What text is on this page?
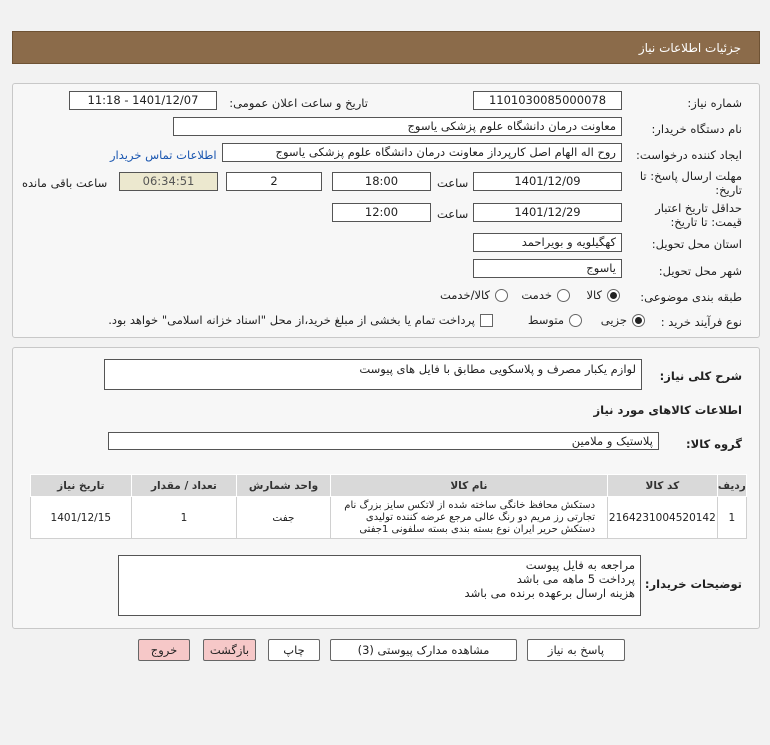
جزئیات اطلاعات نیاز
شماره نیاز:
1101030085000078
تاریخ و ساعت اعلان عمومی:
1401/12/07 - 11:18
نام دستگاه خریدار:
معاونت درمان دانشگاه علوم پزشکی یاسوج
ایجاد کننده درخواست:
روح اله الهام اصل کارپرداز معاونت درمان دانشگاه علوم پزشکی یاسوج
اطلاعات تماس خریدار
مهلت ارسال پاسخ: تا
تاریخ:
1401/12/09
ساعت
18:00
2
06:34:51
ساعت باقی مانده
حداقل تاریخ اعتبار
قیمت: تا تاریخ:
1401/12/29
ساعت
12:00
استان محل تحویل:
کهگیلویه و بویراحمد
شهر محل تحویل:
یاسوج
طبقه بندی موضوعی:
کالا
خدمت
کالا/خدمت
نوع فرآیند خرید :
جزیی
متوسط
پرداخت تمام یا بخشی از مبلغ خرید،از محل "اسناد خزانه اسلامی" خواهد بود.
شرح کلی نیاز:
لوازم یکبار مصرف و پلاسکویی مطابق با فایل های پیوست
اطلاعات کالاهای مورد نیاز
گروه کالا:
پلاستیک و ملامین
ردیف	کد کالا	نام کالا	واحد شمارش	تعداد / مقدار	تاریخ نیاز
1	2164231004520142	دستکش محافظ خانگی ساخته شده از لاتکس سایز بزرگ نام
تجارتی رز مریم دو رنگ عالی مرجع عرضه کننده تولیدی
دستکش حریر ایران نوع بسته بندی بسته سلفونی 1جفتی	جفت	1	1401/12/15
توضیحات خریدار:
مراجعه به فایل پیوست
پرداخت 5 ماهه می باشد
هزینه ارسال برعهده برنده می باشد
پاسخ به نیاز
مشاهده مدارک پیوستی (3)
چاپ
بازگشت
خروج
